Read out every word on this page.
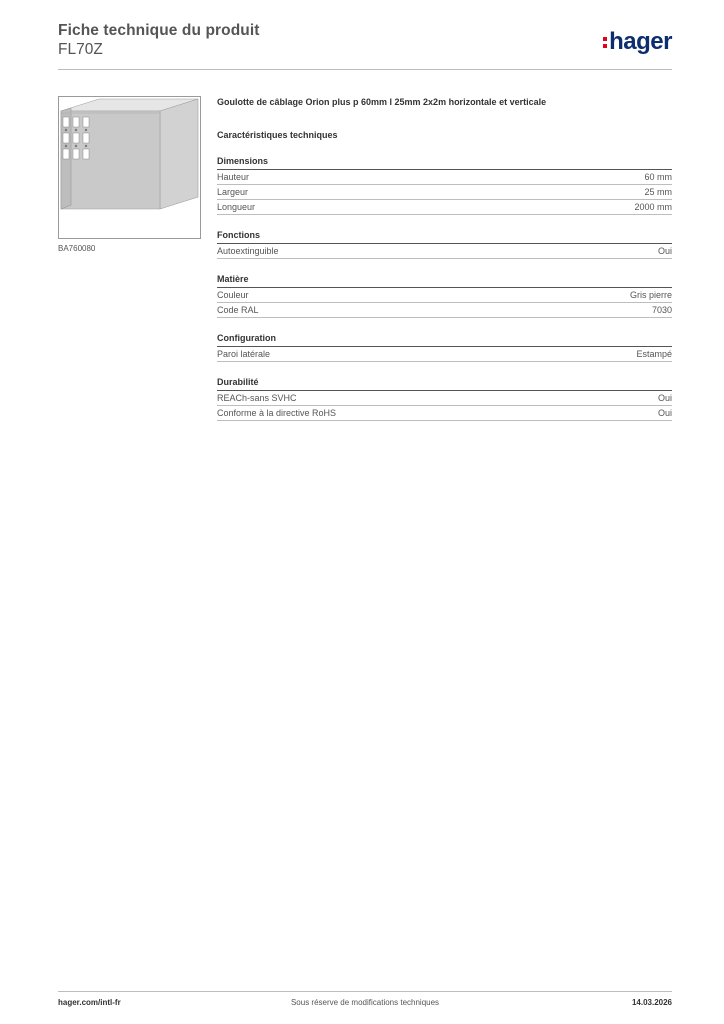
Fiche technique du produit
FL70Z	hager
BA760080
Goulotte de câblage Orion plus p 60mm l 25mm 2x2m horizontale et verticale
Caractéristiques techniques
Dimensions
Hauteur	60 mm
Largeur	25 mm
Longueur	2000 mm
Fonctions
Autoextinguible	Oui
Matière
Couleur	Gris pierre
Code RAL	7030
Configuration
Paroi latérale	Estampé
Durabilité
REACh-sans SVHC	Oui
Conforme à la directive RoHS	Oui
Sous réserve de modifications techniques
hager.com/intl-fr	14.03.2026
